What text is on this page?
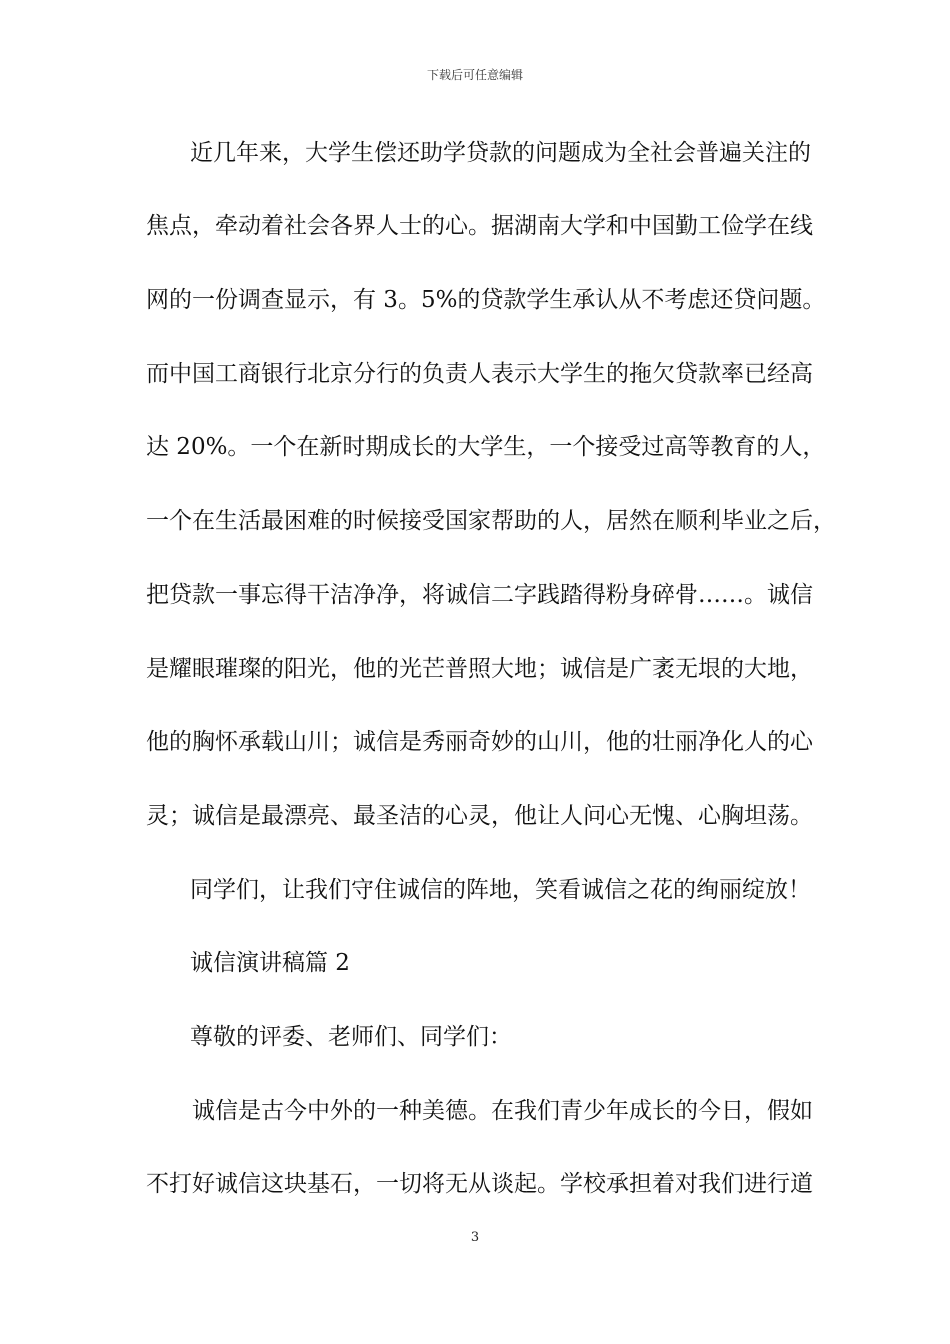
下载后可任意编辑
近几年来，大学生偿还助学贷款的问题成为全社会普遍关注的
焦点，牵动着社会各界人士的心。据湖南大学和中国勤工俭学在线
网的一份调查显示，有 3。5%的贷款学生承认从不考虑还贷问题。
而中国工商银行北京分行的负责人表示大学生的拖欠贷款率已经高
达 20%。一个在新时期成长的大学生，一个接受过高等教育的人，
一个在生活最困难的时候接受国家帮助的人，居然在顺利毕业之后，
把贷款一事忘得干洁净净，将诚信二字践踏得粉身碎骨……。诚信
是耀眼璀璨的阳光，他的光芒普照大地；诚信是广袤无垠的大地，
他的胸怀承载山川；诚信是秀丽奇妙的山川，他的壮丽净化人的心
灵；诚信是最漂亮、最圣洁的心灵，他让人问心无愧、心胸坦荡。
同学们，让我们守住诚信的阵地，笑看诚信之花的绚丽绽放！
诚信演讲稿篇 2
尊敬的评委、老师们、同学们：
诚信是古今中外的一种美德。在我们青少年成长的今日，假如
不打好诚信这块基石，一切将无从谈起。学校承担着对我们进行道
3
